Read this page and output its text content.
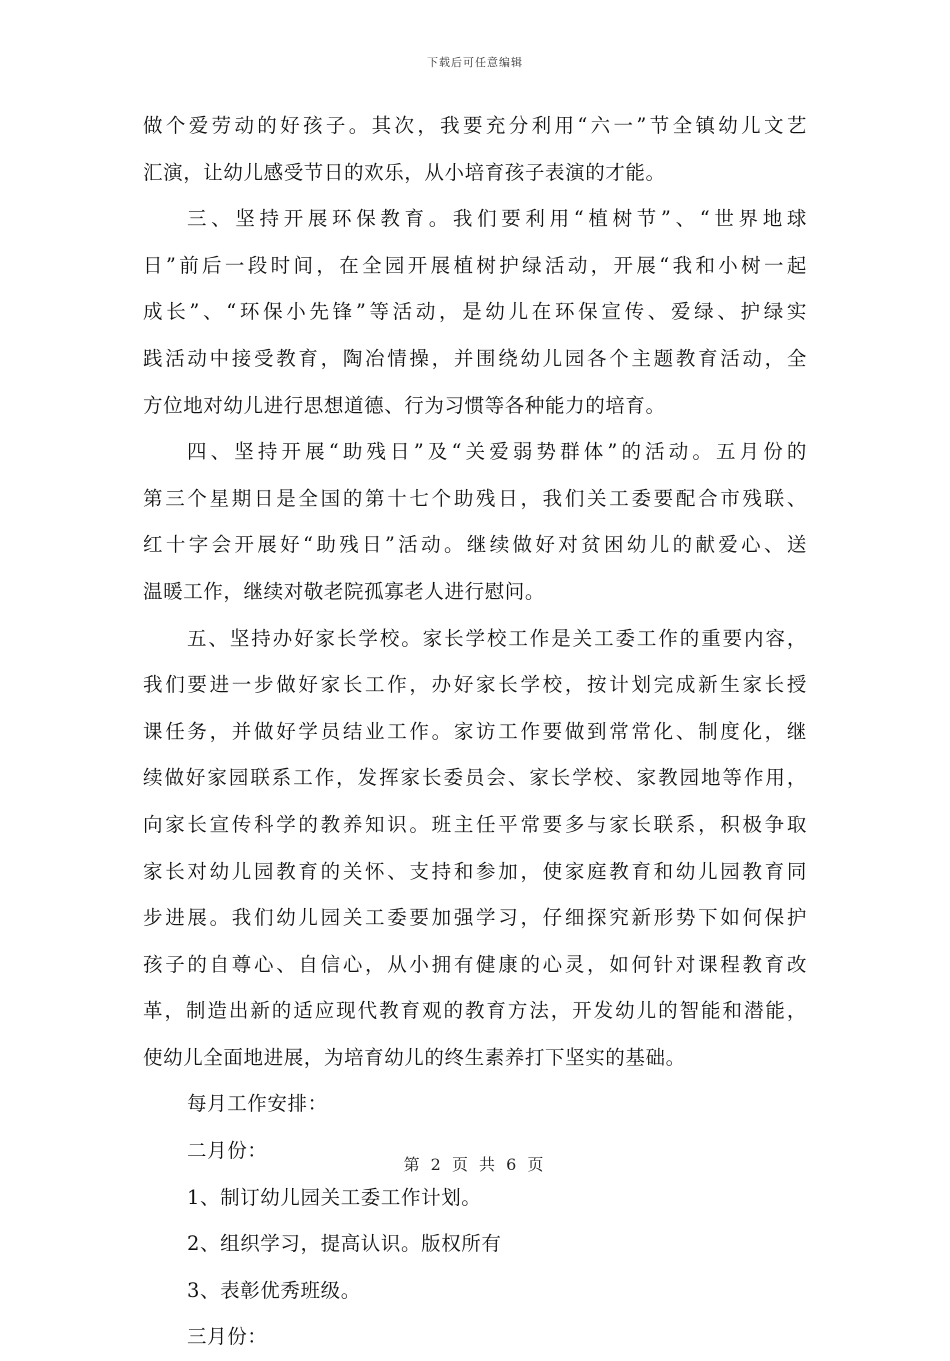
下载后可任意编辑
做个爱劳动的好孩子。其次，我要充分利用“六一”节全镇幼儿文艺
汇演，让幼儿感受节日的欢乐，从小培育孩子表演的才能。
三、坚持开展环保教育。我们要利用“植树节”、“世界地球
日”前后一段时间，在全园开展植树护绿活动，开展“我和小树一起
成长”、“环保小先锋”等活动，是幼儿在环保宣传、爱绿、护绿实
践活动中接受教育，陶冶情操，并围绕幼儿园各个主题教育活动，全
方位地对幼儿进行思想道德、行为习惯等各种能力的培育。
四、坚持开展“助残日”及“关爱弱势群体”的活动。五月份的
第三个星期日是全国的第十七个助残日，我们关工委要配合市残联、
红十字会开展好“助残日”活动。继续做好对贫困幼儿的献爱心、送
温暖工作，继续对敬老院孤寡老人进行慰问。
五、坚持办好家长学校。家长学校工作是关工委工作的重要内容，
我们要进一步做好家长工作，办好家长学校，按计划完成新生家长授
课任务，并做好学员结业工作。家访工作要做到常常化、制度化，继
续做好家园联系工作，发挥家长委员会、家长学校、家教园地等作用，
向家长宣传科学的教养知识。班主任平常要多与家长联系，积极争取
家长对幼儿园教育的关怀、支持和参加，使家庭教育和幼儿园教育同
步进展。我们幼儿园关工委要加强学习，仔细探究新形势下如何保护
孩子的自尊心、自信心，从小拥有健康的心灵，如何针对课程教育改
革，制造出新的适应现代教育观的教育方法，开发幼儿的智能和潜能，
使幼儿全面地进展，为培育幼儿的终生素养打下坚实的基础。
每月工作安排：
二月份：
1、制订幼儿园关工委工作计划。
2、组织学习，提高认识。版权所有
3、表彰优秀班级。
三月份：
第 2 页 共 6 页
